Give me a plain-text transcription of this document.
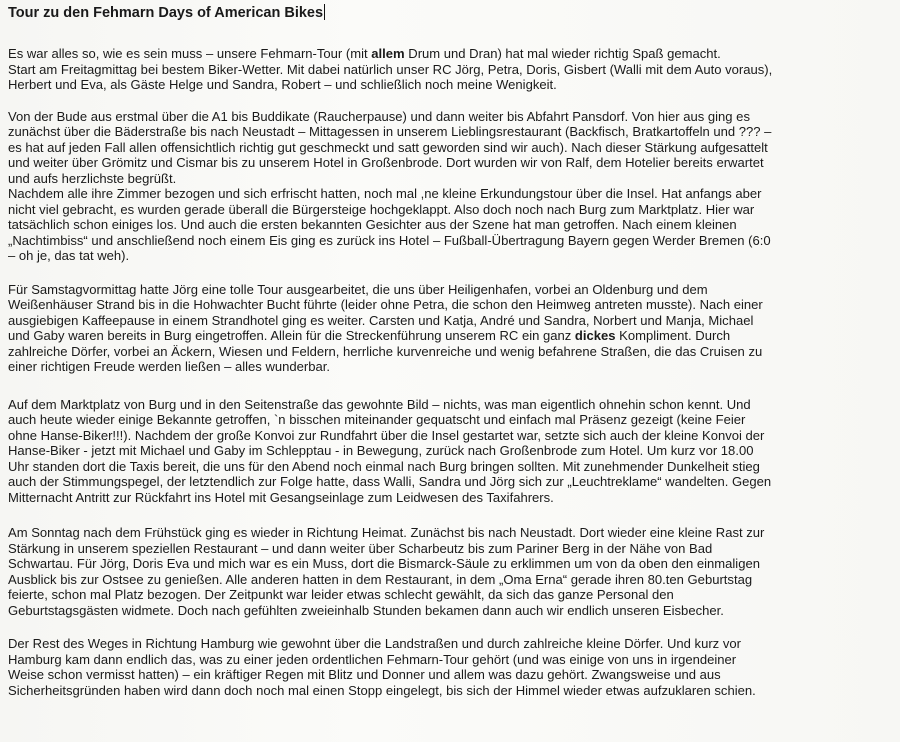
Tour zu den Fehmarn Days of American Bikes
Es war alles so, wie es sein muss – unsere Fehmarn-Tour (mit allem Drum und Dran) hat mal wieder richtig Spaß gemacht.
Start am Freitagmittag bei bestem Biker-Wetter. Mit dabei natürlich unser RC Jörg, Petra, Doris, Gisbert (Walli mit dem Auto voraus),
Herbert und Eva, als Gäste Helge und Sandra, Robert – und schließlich noch meine Wenigkeit.
Von der Bude aus erstmal über die A1 bis Buddikate (Raucherpause) und dann weiter bis Abfahrt Pansdorf. Von hier aus ging es
zunächst über die Bäderstraße bis nach Neustadt – Mittagessen in unserem Lieblingsrestaurant (Backfisch, Bratkartoffeln und ??? –
es hat auf jeden Fall allen offensichtlich richtig gut geschmeckt und satt geworden sind wir auch). Nach dieser Stärkung aufgesattelt
und weiter über Grömitz und Cismar bis zu unserem Hotel in Großenbrode. Dort wurden wir von Ralf, dem Hotelier bereits erwartet
und aufs herzlichste begrüßt.
Nachdem alle ihre Zimmer bezogen und sich erfrischt hatten, noch mal ,ne kleine Erkundungstour über die Insel. Hat anfangs aber
nicht viel gebracht, es wurden gerade überall die Bürgersteige hochgeklappt. Also doch noch nach Burg zum Marktplatz. Hier war
tatsächlich schon einiges los. Und auch die ersten bekannten Gesichter aus der Szene hat man getroffen. Nach einem kleinen
„Nachtimbiss“ und anschließend noch einem Eis ging es zurück ins Hotel – Fußball-Übertragung Bayern gegen Werder Bremen (6:0
– oh je, das tat weh).
Für Samstagvormittag hatte Jörg eine tolle Tour ausgearbeitet, die uns über Heiligenhafen, vorbei an Oldenburg und dem
Weißenhäuser Strand bis in die Hohwachter Bucht führte (leider ohne Petra, die schon den Heimweg antreten musste). Nach einer
ausgiebigen Kaffeepause in einem Strandhotel ging es weiter. Carsten und Katja, André und Sandra, Norbert und Manja, Michael
und Gaby waren bereits in Burg eingetroffen. Allein für die Streckenführung unserem RC ein ganz dickes Kompliment. Durch
zahlreiche Dörfer, vorbei an Äckern, Wiesen und Feldern, herrliche kurvenreiche und wenig befahrene Straßen, die das Cruisen zu
einer richtigen Freude werden ließen – alles wunderbar.
Auf dem Marktplatz von Burg und in den Seitenstraße das gewohnte Bild – nichts, was man eigentlich ohnehin schon kennt. Und
auch heute wieder einige Bekannte getroffen, `n bisschen miteinander gequatscht und einfach mal Präsenz gezeigt (keine Feier
ohne Hanse-Biker!!!). Nachdem der große Konvoi zur Rundfahrt über die Insel gestartet war, setzte sich auch der kleine Konvoi der
Hanse-Biker - jetzt mit Michael und Gaby im Schlepptau - in Bewegung, zurück nach Großenbrode zum Hotel. Um kurz vor 18.00
Uhr standen dort die Taxis bereit, die uns für den Abend noch einmal nach Burg bringen sollten. Mit zunehmender Dunkelheit stieg
auch der Stimmungspegel, der letztendlich zur Folge hatte, dass Walli, Sandra und Jörg sich zur „Leuchtreklame“ wandelten. Gegen
Mitternacht Antritt zur Rückfahrt ins Hotel mit Gesangseinlage zum Leidwesen des Taxifahrers.
Am Sonntag nach dem Frühstück ging es wieder in Richtung Heimat. Zunächst bis nach Neustadt. Dort wieder eine kleine Rast zur
Stärkung in unserem speziellen Restaurant – und dann weiter über Scharbeutz bis zum Pariner Berg in der Nähe von Bad
Schwartau. Für Jörg, Doris Eva und mich war es ein Muss, dort die Bismarck-Säule zu erklimmen um von da oben den einmaligen
Ausblick bis zur Ostsee zu genießen. Alle anderen hatten in dem Restaurant, in dem „Oma Erna“ gerade ihren 80.ten Geburtstag
feierte, schon mal Platz bezogen. Der Zeitpunkt war leider etwas schlecht gewählt, da sich das ganze Personal den
Geburtstagsgästen widmete. Doch nach gefühlten zweieinhalb Stunden bekamen dann auch wir endlich unseren Eisbecher.
Der Rest des Weges in Richtung Hamburg wie gewohnt über die Landstraßen und durch zahlreiche kleine Dörfer. Und kurz vor
Hamburg kam dann endlich das, was zu einer jeden ordentlichen Fehmarn-Tour gehört (und was einige von uns in irgendeiner
Weise schon vermisst hatten) – ein kräftiger Regen mit Blitz und Donner und allem was dazu gehört. Zwangsweise und aus
Sicherheitsgründen haben wird dann doch noch mal einen Stopp eingelegt, bis sich der Himmel wieder etwas aufzuklaren schien.
